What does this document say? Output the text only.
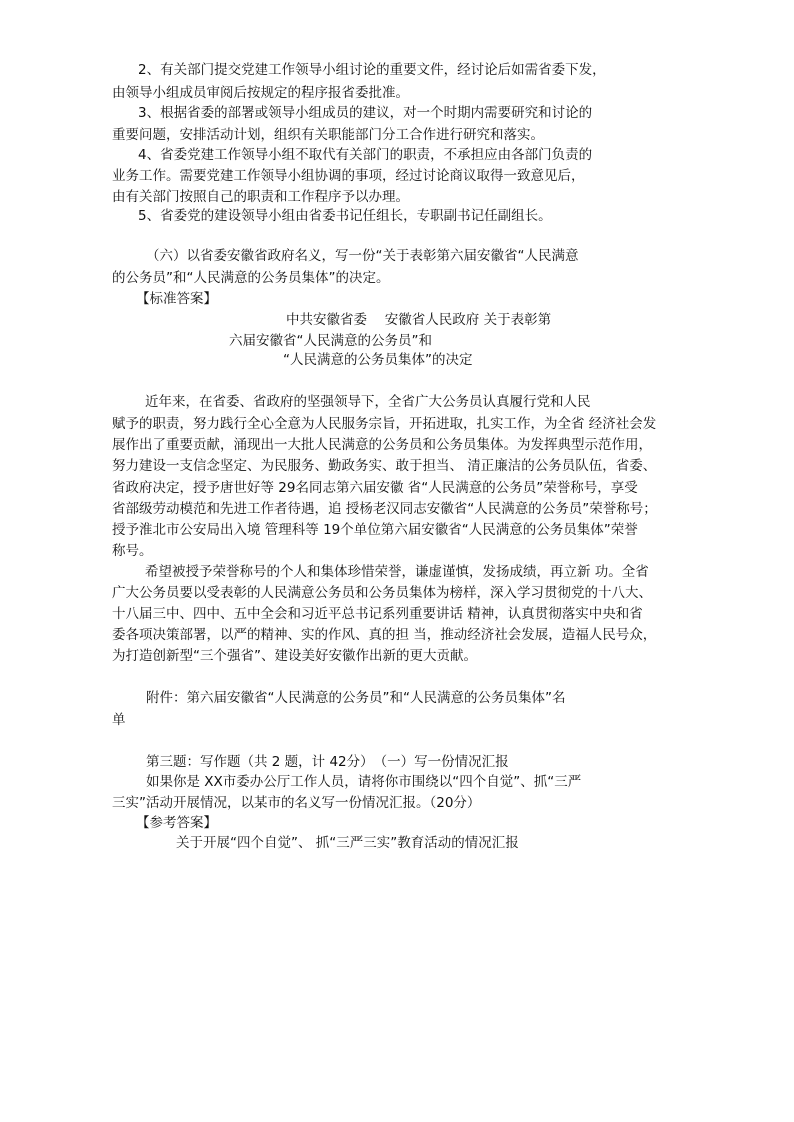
2、有关部门提交党建工作领导小组讨论的重要文件，经讨论后如需省委下发，
由领导小组成员审阅后按规定的程序报省委批准。
3、根据省委的部署或领导小组成员的建议，对一个时期内需要研究和讨论的
重要问题，安排活动计划，组织有关职能部门分工合作进行研究和落实。
4、省委党建工作领导小组不取代有关部门的职责，不承担应由各部门负责的
业务工作。需要党建工作领导小组协调的事项，经过讨论商议取得一致意见后，
由有关部门按照自己的职责和工作程序予以办理。
5、省委党的建设领导小组由省委书记任组长，专职副书记任副组长。
（六）以省委安徽省政府名义，写一份“关于表彰第六届安徽省“人民满意
的公务员”和“人民满意的公务员集体”的决定。
【标准答案】
中共安徽省委　 安徽省人民政府 关于表彰第
六届安徽省“人民满意的公务员”和
“人民满意的公务员集体”的决定
近年来，在省委、省政府的坚强领导下，全省广大公务员认真履行党和人民
赋予的职责，努力践行全心全意为人民服务宗旨，开拓进取，扎实工作，为全省 经济社会发
展作出了重要贡献，涌现出一大批人民满意的公务员和公务员集体。为发挥典型示范作用，
努力建设一支信念坚定、为民服务、勤政务实、敢于担当、 清正廉洁的公务员队伍，省委、
省政府决定，授予唐世好等 29名同志第六届安徽 省“人民满意的公务员”荣誉称号，享受
省部级劳动模范和先进工作者待遇，追 授杨老汉同志安徽省“人民满意的公务员”荣誉称号；
授予淮北市公安局出入境 管理科等 19个单位第六届安徽省“人民满意的公务员集体”荣誉
称号。
希望被授予荣誉称号的个人和集体珍惜荣誉，谦虚谨慎，发扬成绩，再立新 功。全省
广大公务员要以受表彰的人民满意公务员和公务员集体为榜样，深入学习贯彻党的十八大、
十八届三中、四中、五中全会和习近平总书记系列重要讲话 精神，认真贯彻落实中央和省
委各项决策部署，以严的精神、实的作风、真的担 当，推动经济社会发展，造福人民号众，
为打造创新型“三个强省”、建设美好安徽作出新的更大贡献。
附件：第六届安徽省“人民满意的公务员”和“人民满意的公务员集体”名
单
第三题：写作题（共 2 题，计 42分）　（一）写一份情况汇报
如果你是 XX市委办公厅工作人员，请将你市围绕以“四个自觉”、抓“三严
三实”活动开展情况，以某市的名义写一份情况汇报。（20分）
【参考答案】
关于开展“四个自觉”、 抓“三严三实”教育活动的情况汇报
